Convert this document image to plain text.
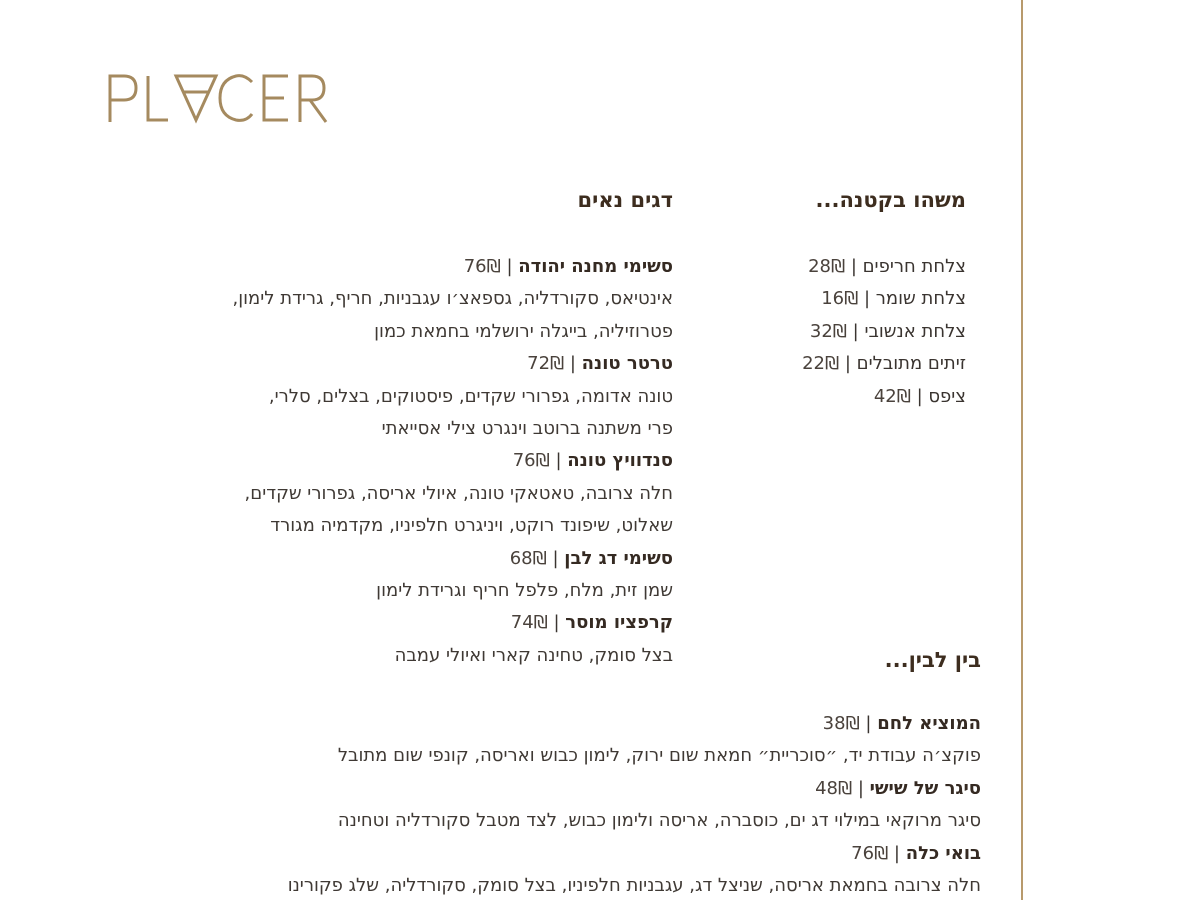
משהו בקטנה...
צלחת חריפים | 28₪
צלחת שומר | 16₪
צלחת אנשובי | 32₪
זיתים מתובלים | 22₪
ציפס | 42₪
דגים נאים
סשימי מחנה יהודה | 76₪
אינטיאס, סקורדליה, גספאצ׳ו עגבניות, חריף, גרידת לימון,
פטרוזיליה, בייגלה ירושלמי בחמאת כמון
טרטר טונה | 72₪
טונה אדומה, גפרורי שקדים, פיסטוקים, בצלים, סלרי,
פרי משתנה ברוטב וינגרט צילי אסייאתי
סנדוויץ טונה | 76₪
חלה צרובה, טאטאקי טונה, איולי אריסה, גפרורי שקדים,
שאלוט, שיפונד רוקט, ויניגרט חלפיניו, מקדמיה מגורד
סשימי דג לבן | 68₪
שמן זית, מלח, פלפל חריף וגרידת לימון
קרפציו מוסר | 74₪
בצל סומק, טחינה קארי ואיולי עמבה	בין לבין...
המוציא לחם | 38₪
פוקצ׳ה עבודת יד, ״סוכריית״ חמאת שום ירוק, לימון כבוש ואריסה, קונפי שום מתובל
סיגר של שישי | 48₪
סיגר מרוקאי במילוי דג ים, כוסברה, אריסה ולימון כבוש, לצד מטבל סקורדליה וטחינה
בואי כלה | 76₪
חלה צרובה בחמאת אריסה, שניצל דג, עגבניות חלפיניו, בצל סומק, סקורדליה, שלג פקורינו
